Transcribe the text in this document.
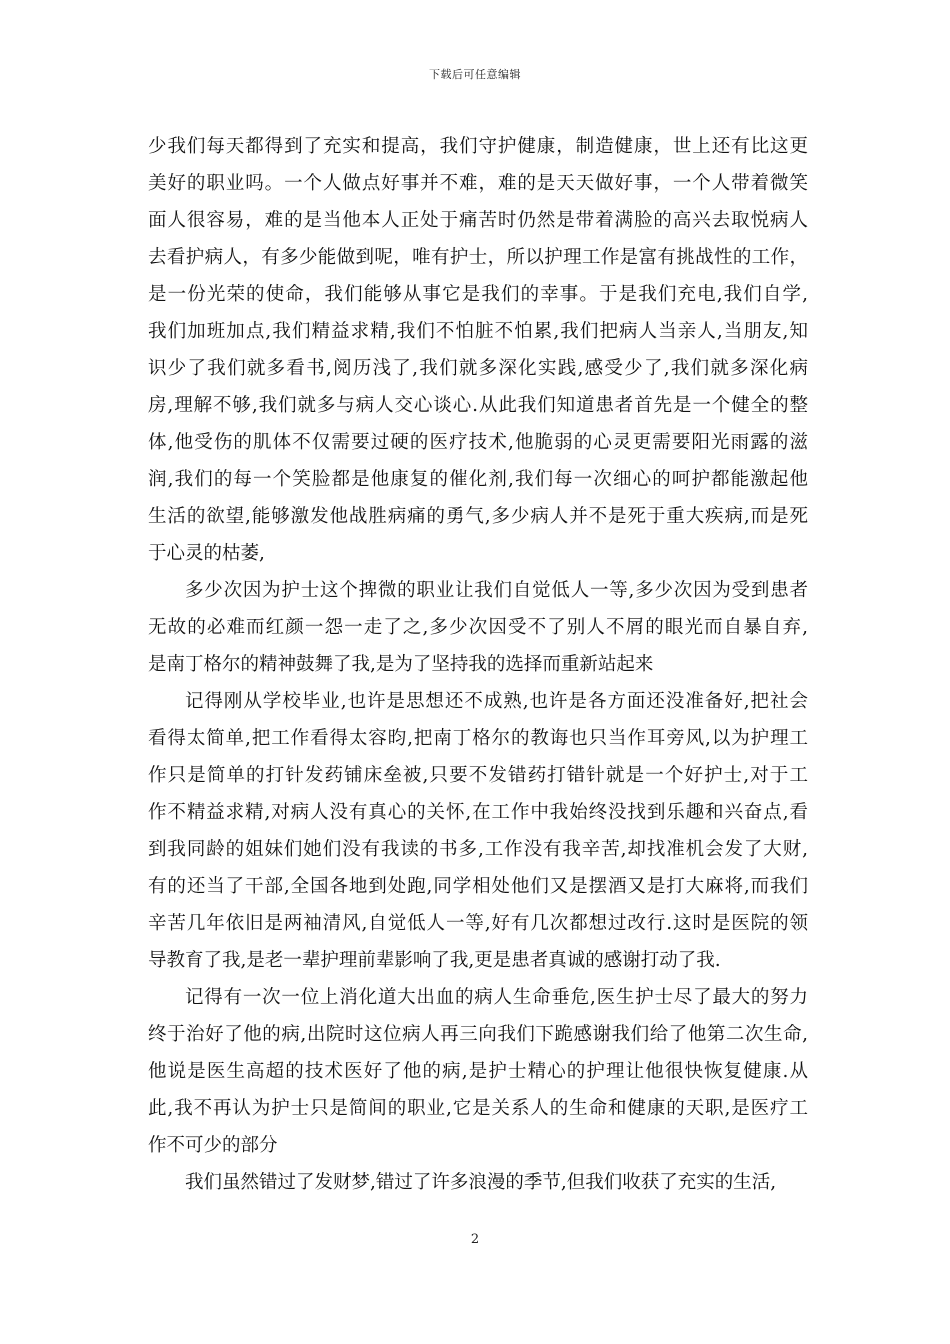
下载后可任意编辑
少我们每天都得到了充实和提高，我们守护健康，制造健康，世上还有比这更
美好的职业吗。一个人做点好事并不难，难的是天天做好事，一个人带着微笑
面人很容易，难的是当他本人正处于痛苦时仍然是带着满脸的高兴去取悦病人
去看护病人，有多少能做到呢，唯有护士，所以护理工作是富有挑战性的工作，
是一份光荣的使命，我们能够从事它是我们的幸事。于是我们充电,我们自学,
我们加班加点,我们精益求精,我们不怕脏不怕累,我们把病人当亲人,当朋友,知
识少了我们就多看书,阅历浅了,我们就多深化实践,感受少了,我们就多深化病
房,理解不够,我们就多与病人交心谈心.从此我们知道患者首先是一个健全的整
体,他受伤的肌体不仅需要过硬的医疗技术,他脆弱的心灵更需要阳光雨露的滋
润,我们的每一个笑脸都是他康复的催化剂,我们每一次细心的呵护都能激起他
生活的欲望,能够激发他战胜病痛的勇气,多少病人并不是死于重大疾病,而是死
于心灵的枯萎,
多少次因为护士这个捭微的职业让我们自觉低人一等,多少次因为受到患者
无故的必难而红颜一怨一走了之,多少次因受不了别人不屑的眼光而自暴自弃,
是南丁格尔的精神鼓舞了我,是为了坚持我的选择而重新站起来
记得刚从学校毕业,也许是思想还不成熟,也许是各方面还没准备好,把社会
看得太简单,把工作看得太容昀,把南丁格尔的教诲也只当作耳旁风,以为护理工
作只是简单的打针发药铺床垒被,只要不发错药打错针就是一个好护士,对于工
作不精益求精,对病人没有真心的关怀,在工作中我始终没找到乐趣和兴奋点,看
到我同龄的姐妹们她们没有我读的书多,工作没有我辛苦,却找准机会发了大财,
有的还当了干部,全国各地到处跑,同学相处他们又是摆酒又是打大麻将,而我们
辛苦几年依旧是两袖清风,自觉低人一等,好有几次都想过改行.这时是医院的领
导教育了我,是老一辈护理前辈影响了我,更是患者真诚的感谢打动了我.
记得有一次一位上消化道大出血的病人生命垂危,医生护士尽了最大的努力
终于治好了他的病,出院时这位病人再三向我们下跪感谢我们给了他第二次生命,
他说是医生高超的技术医好了他的病,是护士精心的护理让他很快恢复健康.从
此,我不再认为护士只是简间的职业,它是关系人的生命和健康的天职,是医疗工
作不可少的部分
我们虽然错过了发财梦,错过了许多浪漫的季节,但我们收获了充实的生活,
2
